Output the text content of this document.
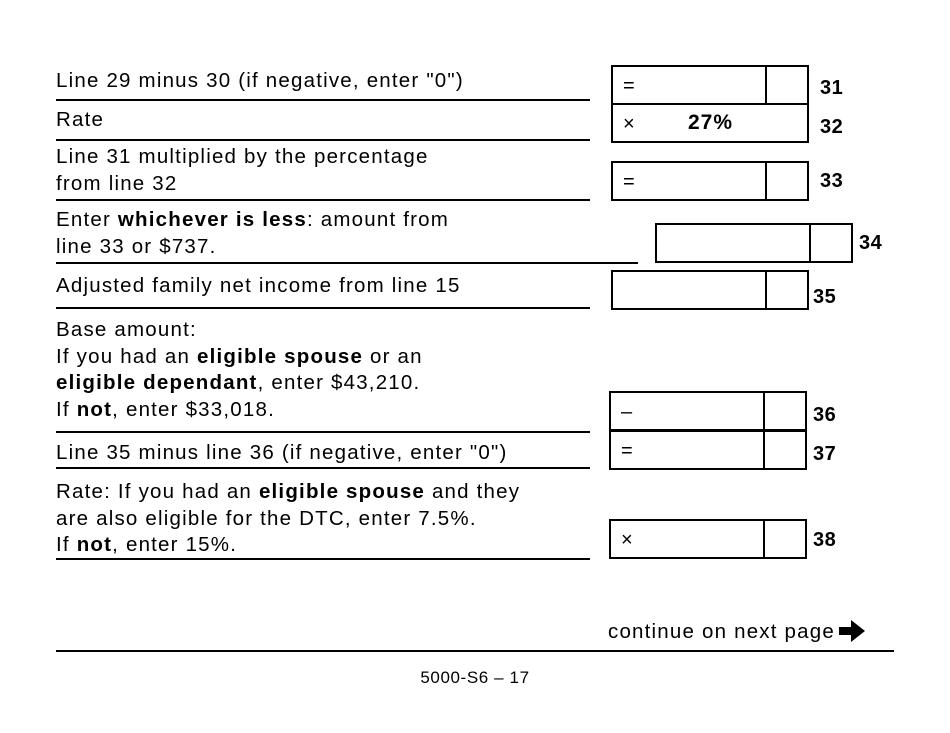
Line 29 minus 30 (if negative, enter "0")	=	31
Rate	×	27%	32
Line 31 multiplied by the percentage
from line 32	=	33
Enter whichever is less: amount from
line 33 or $737.	34
Adjusted family net income from line 15	35
Base amount:
If you had an eligible spouse or an
eligible dependant, enter $43,210.
If not, enter $33,018.	–	36
Line 35 minus line 36 (if negative, enter "0")	=	37
Rate: If you had an eligible spouse and they
are also eligible for the DTC, enter 7.5%.
If not, enter 15%.	×	38
continue on next page
5000-S6 – 17
